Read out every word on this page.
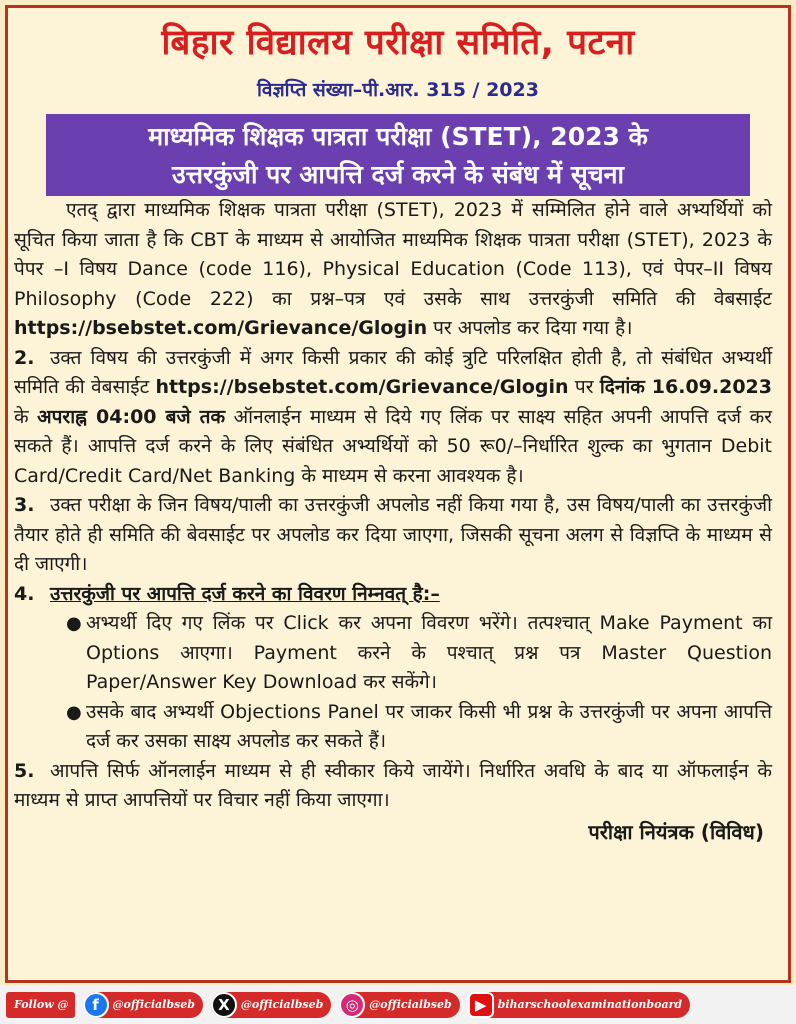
बिहार विद्यालय परीक्षा समिति, पटना
विज्ञप्ति संख्या–पी.आर. 315 / 2023
माध्यमिक शिक्षक पात्रता परीक्षा (STET), 2023 के
उत्तरकुंजी पर आपत्ति दर्ज करने के संबंध में सूचना

एतद् द्वारा माध्यमिक शिक्षक पात्रता परीक्षा (STET), 2023 में सम्मिलित होने वाले अभ्यर्थियों को सूचित किया जाता है कि CBT के माध्यम से आयोजित माध्यमिक शिक्षक पात्रता परीक्षा (STET), 2023 के पेपर –I विषय Dance (code 116), Physical Education (Code 113), एवं पेपर–II विषय Philosophy (Code 222) का प्रश्न–पत्र एवं उसके साथ उत्तरकुंजी समिति की वेबसाईट https://bsebstet.com/Grievance/Glogin पर अपलोड कर दिया गया है।

2. उक्त विषय की उत्तरकुंजी में अगर किसी प्रकार की कोई त्रुटि परिलक्षित होती है, तो संबंधित अभ्यर्थी समिति की वेबसाईट https://bsebstet.com/Grievance/Glogin पर दिनांक 16.09.2023 के अपराह्न 04:00 बजे तक ऑनलाईन माध्यम से दिये गए लिंक पर साक्ष्य सहित अपनी आपत्ति दर्ज कर सकते हैं। आपत्ति दर्ज करने के लिए संबंधित अभ्यर्थियों को 50 रू0/–निर्धारित शुल्क का भुगतान Debit Card/Credit Card/Net Banking के माध्यम से करना आवश्यक है।

3. उक्त परीक्षा के जिन विषय/पाली का उत्तरकुंजी अपलोड नहीं किया गया है, उस विषय/पाली का उत्तरकुंजी तैयार होते ही समिति की बेवसाईट पर अपलोड कर दिया जाएगा, जिसकी सूचना अलग से विज्ञप्ति के माध्यम से दी जाएगी।

4. उत्तरकुंजी पर आपत्ति दर्ज करने का विवरण निम्नवत् है:–

● अभ्यर्थी दिए गए लिंक पर Click कर अपना विवरण भरेंगे। तत्पश्चात् Make Payment का Options आएगा। Payment करने के पश्चात् प्रश्न पत्र Master Question Paper/Answer Key Download कर सकेंगे।
● उसके बाद अभ्यर्थी Objections Panel पर जाकर किसी भी प्रश्न के उत्तरकुंजी पर अपना आपत्ति दर्ज कर उसका साक्ष्य अपलोड कर सकते हैं।

5. आपत्ति सिर्फ ऑनलाईन माध्यम से ही स्वीकार किये जायेंगे। निर्धारित अवधि के बाद या ऑफलाईन के माध्यम से प्राप्त आपत्तियों पर विचार नहीं किया जाएगा।

परीक्षा नियंत्रक (विविध)
Follow @	f	@officialbseb	X	@officialbseb	◎ @officialbseb	▶	biharschoolexaminationboard
